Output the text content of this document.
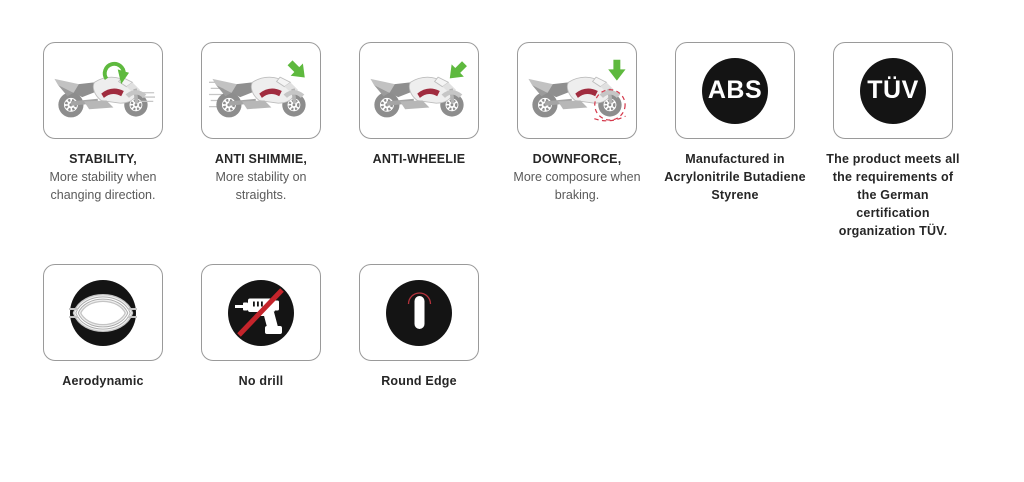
STABILITY,
More stability when
changing direction.
ANTI SHIMMIE,
More stability on
straights.
ANTI-WHEELIE	DOWNFORCE,
More composure when
braking.
ABS
Manufactured in
Acrylonitrile Butadiene
Styrene
TÜV
The product meets all
the requirements of
the German
certification
organization TÜV.
Aerodynamic	No drill	Round Edge
